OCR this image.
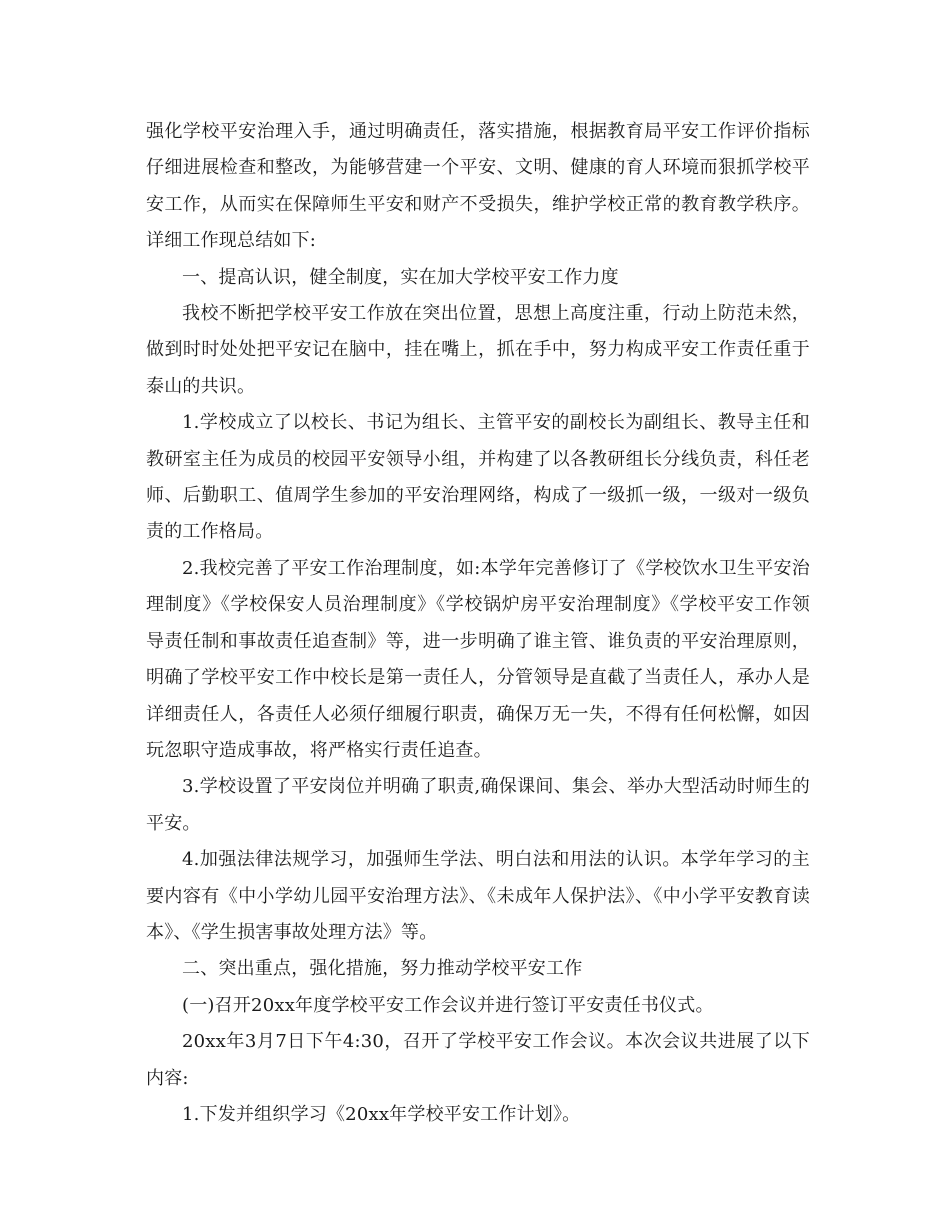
强化学校平安治理入手，通过明确责任，落实措施，根据教育局平安工作评价指标仔细进展检查和整改，为能够营建一个平安、文明、健康的育人环境而狠抓学校平安工作，从而实在保障师生平安和财产不受损失，维护学校正常的教育教学秩序。详细工作现总结如下:

一、提高认识，健全制度，实在加大学校平安工作力度

我校不断把学校平安工作放在突出位置，思想上高度注重，行动上防范未然，做到时时处处把平安记在脑中，挂在嘴上，抓在手中，努力构成平安工作责任重于泰山的共识。

1.学校成立了以校长、书记为组长、主管平安的副校长为副组长、教导主任和教研室主任为成员的校园平安领导小组，并构建了以各教研组长分线负责，科任老师、后勤职工、值周学生参加的平安治理网络，构成了一级抓一级，一级对一级负责的工作格局。

2.我校完善了平安工作治理制度，如:本学年完善修订了《学校饮水卫生平安治理制度》《学校保安人员治理制度》《学校锅炉房平安治理制度》《学校平安工作领导责任制和事故责任追查制》等，进一步明确了谁主管、谁负责的平安治理原则，明确了学校平安工作中校长是第一责任人，分管领导是直截了当责任人，承办人是详细责任人，各责任人必须仔细履行职责，确保万无一失，不得有任何松懈，如因玩忽职守造成事故，将严格实行责任追查。

3.学校设置了平安岗位并明确了职责,确保课间、集会、举办大型活动时师生的平安。

4.加强法律法规学习，加强师生学法、明白法和用法的认识。本学年学习的主要内容有《中小学幼儿园平安治理方法》、《未成年人保护法》、《中小学平安教育读本》、《学生损害事故处理方法》等。

二、突出重点，强化措施，努力推动学校平安工作

(一)召开20xx年度学校平安工作会议并进行签订平安责任书仪式。

20xx年3月7日下午4:30，召开了学校平安工作会议。本次会议共进展了以下内容:

1.下发并组织学习《20xx年学校平安工作计划》。
